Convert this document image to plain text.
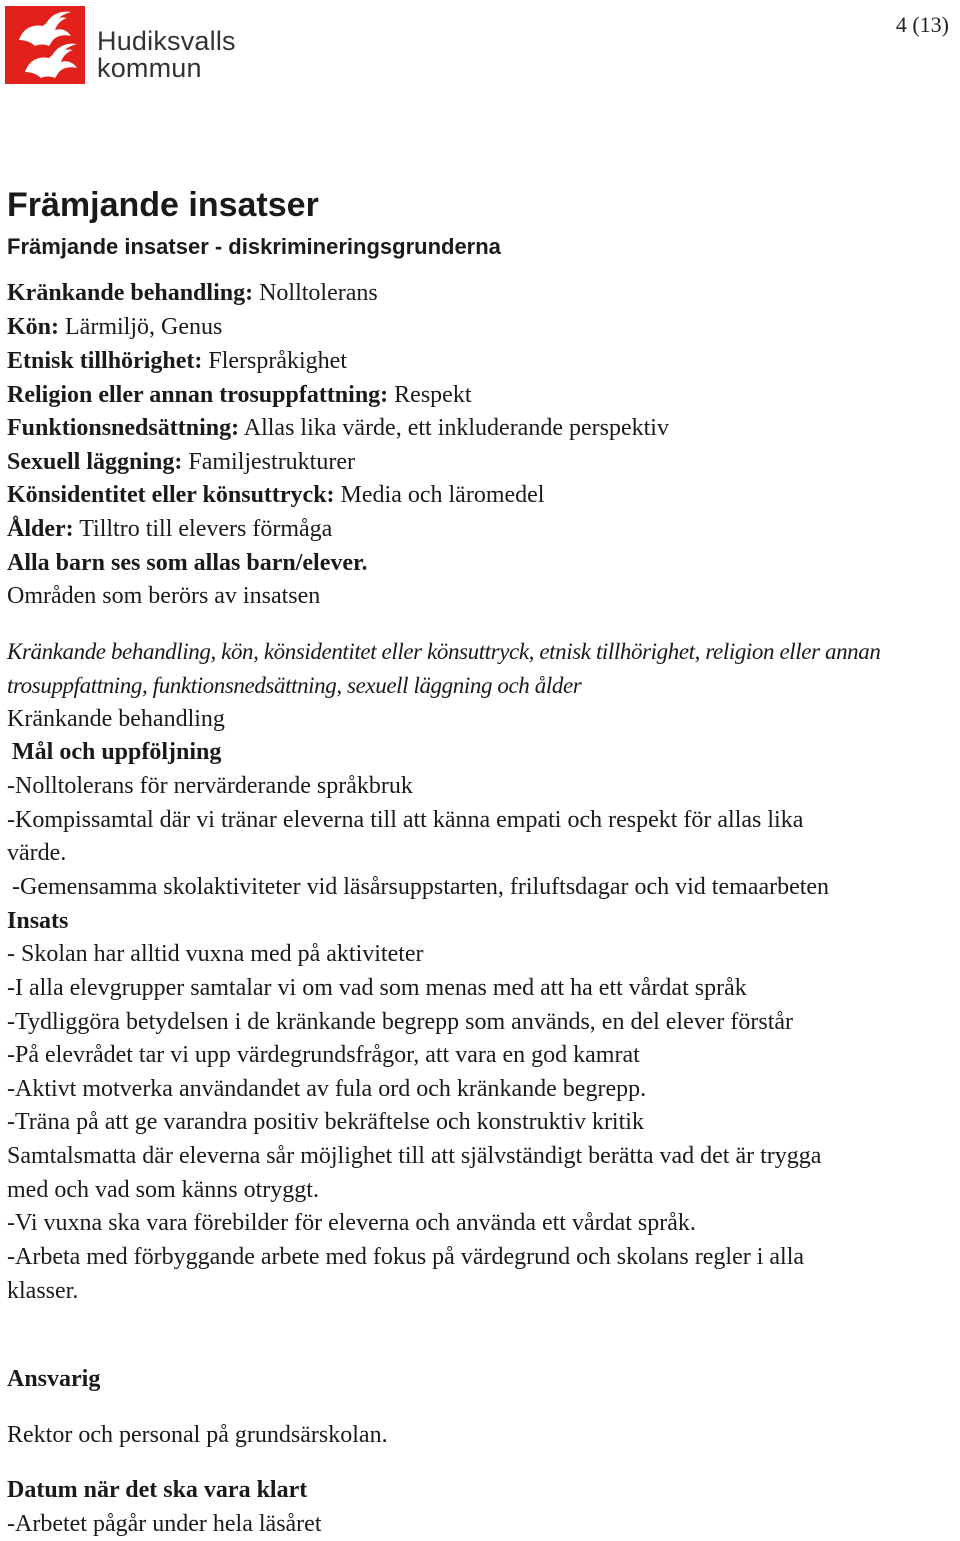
Hudiksvalls
kommun
4 (13)
Främjande insatser
Främjande insatser - diskrimineringsgrunderna
Kränkande behandling: Nolltolerans
Kön: Lärmiljö, Genus
Etnisk tillhörighet: Flerspråkighet
Religion eller annan trosuppfattning: Respekt
Funktionsnedsättning: Allas lika värde, ett inkluderande perspektiv
Sexuell läggning: Familjestrukturer
Könsidentitet eller könsuttryck: Media och läromedel
Ålder: Tilltro till elevers förmåga
Alla barn ses som allas barn/elever.
Områden som berörs av insatsen
Kränkande behandling, kön, könsidentitet eller könsuttryck, etnisk tillhörighet, religion eller annan
trosuppfattning, funktionsnedsättning, sexuell läggning och ålder
Kränkande behandling
Mål och uppföljning
-Nolltolerans för nervärderande språkbruk
-Kompissamtal där vi tränar eleverna till att känna empati och respekt för allas lika
värde.
-Gemensamma skolaktiviteter vid läsårsuppstarten, friluftsdagar och vid temaarbeten
Insats
- Skolan har alltid vuxna med på aktiviteter
-I alla elevgrupper samtalar vi om vad som menas med att ha ett vårdat språk
-Tydliggöra betydelsen i de kränkande begrepp som används, en del elever förstår
-På elevrådet tar vi upp värdegrundsfrågor, att vara en god kamrat
-Aktivt motverka användandet av fula ord och kränkande begrepp.
-Träna på att ge varandra positiv bekräftelse och konstruktiv kritik
Samtalsmatta där eleverna sår möjlighet till att självständigt berätta vad det är trygga
med och vad som känns otryggt.
-Vi vuxna ska vara förebilder för eleverna och använda ett vårdat språk.
-Arbeta med förbyggande arbete med fokus på värdegrund och skolans regler i alla
klasser.
Ansvarig
Rektor och personal på grundsärskolan.
Datum när det ska vara klart
-Arbetet pågår under hela läsåret
